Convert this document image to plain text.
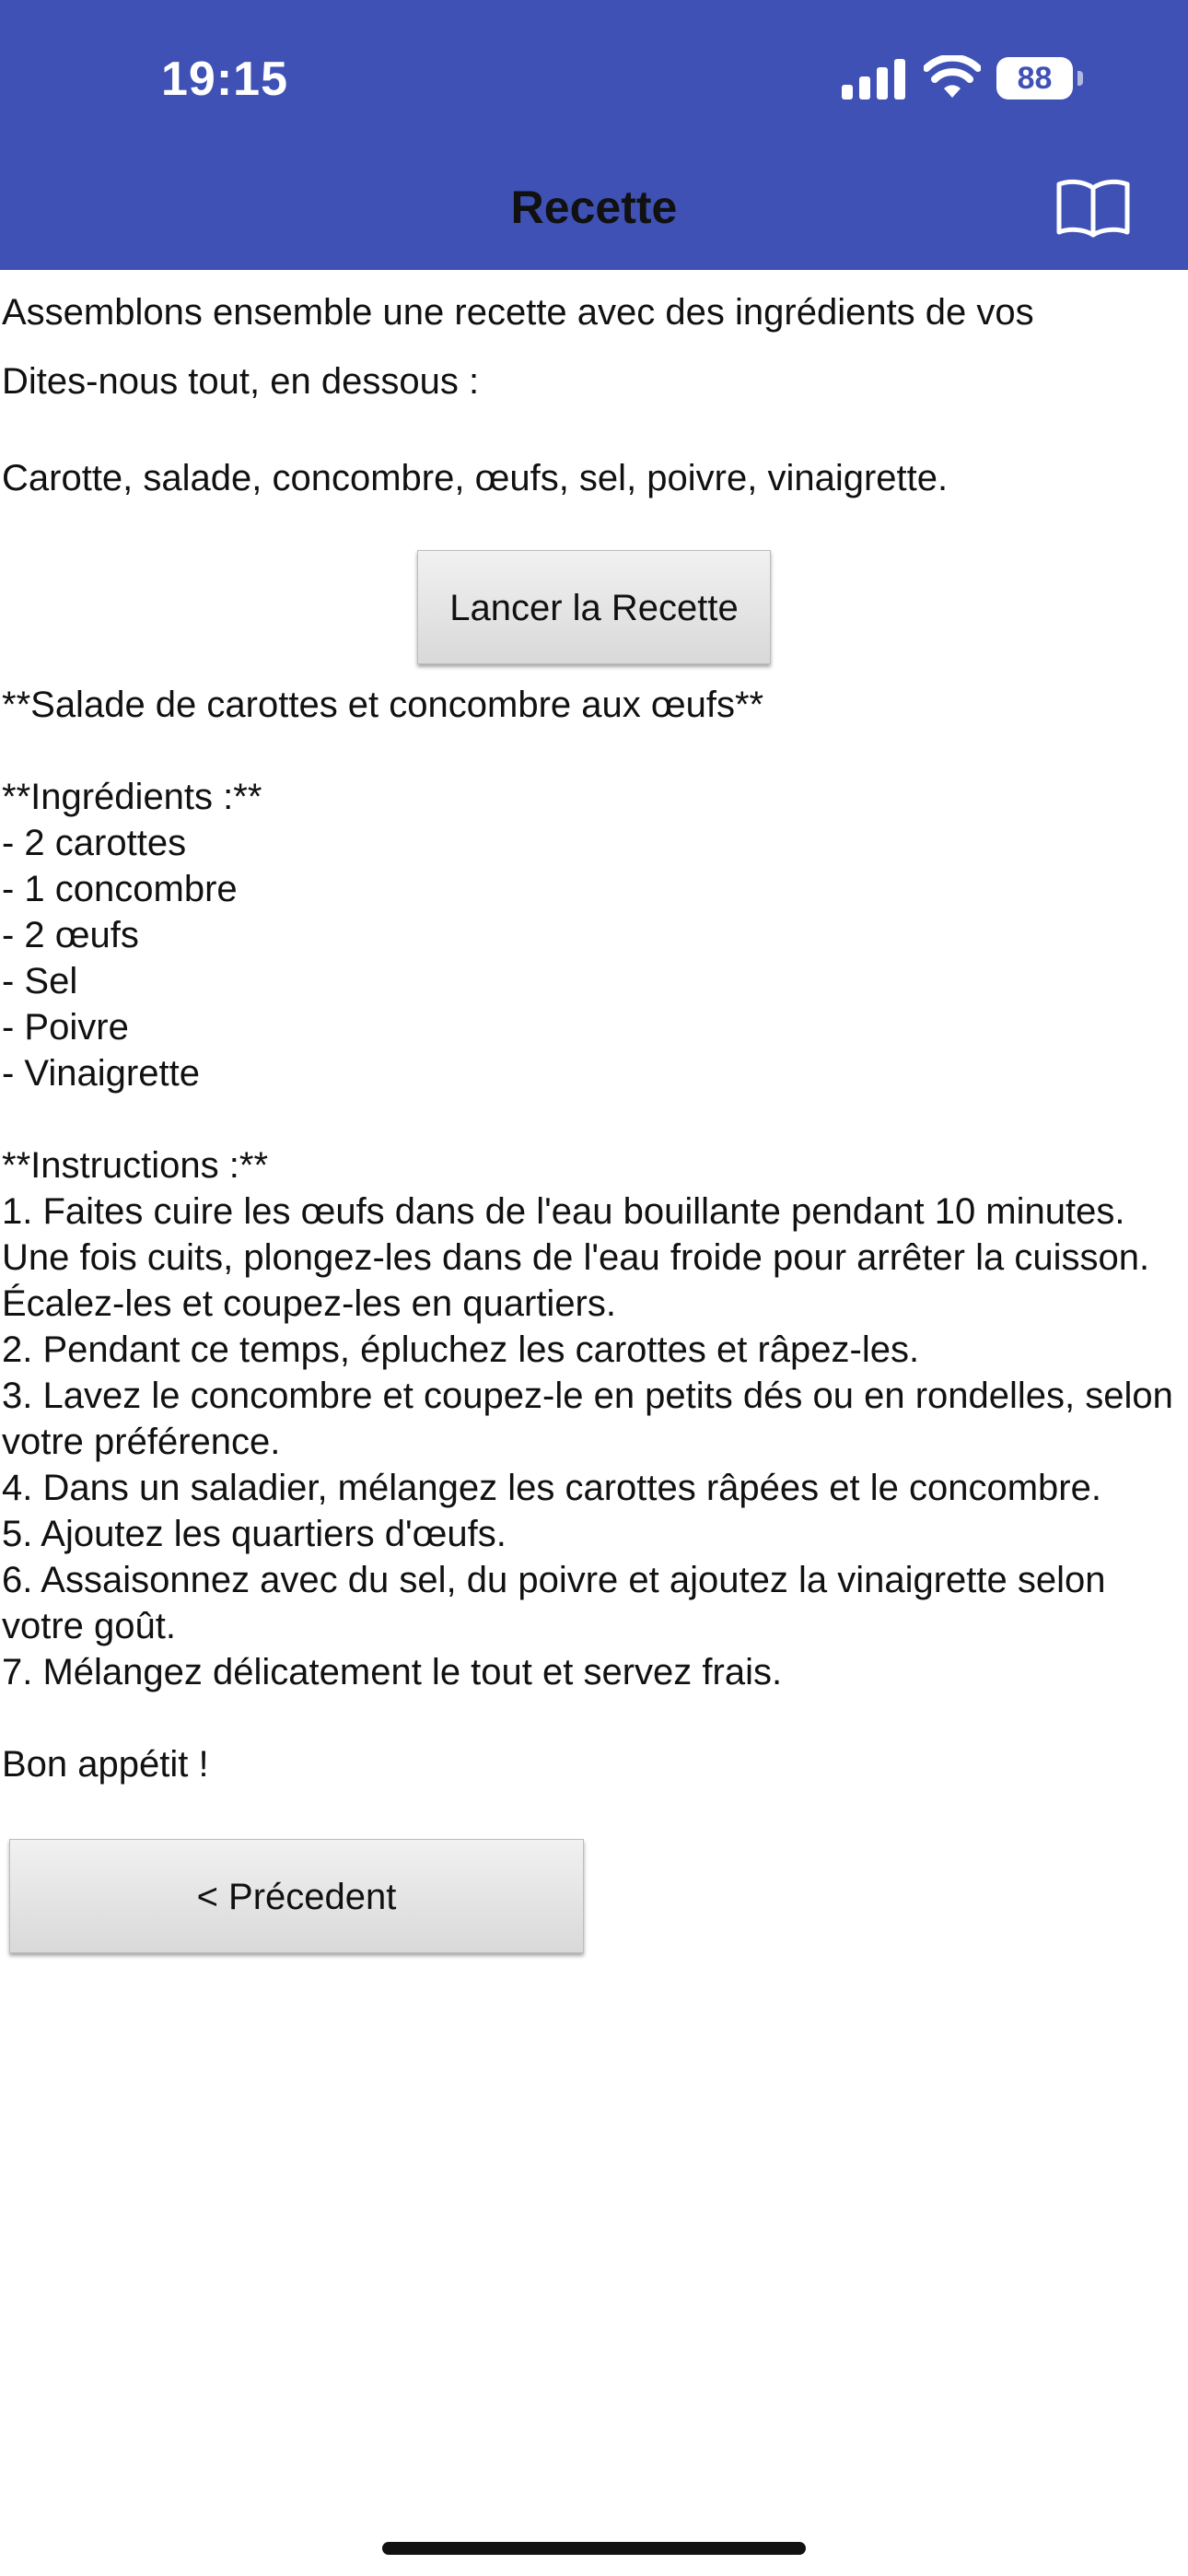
19:15	88
Recette
Assemblons ensemble une recette avec des ingrédients de vos
Dites-nous tout, en dessous :
Carotte, salade, concombre, œufs, sel, poivre, vinaigrette.
Lancer la Recette
**Salade de carottes et concombre aux œufs**

**Ingrédients :**
- 2 carottes
- 1 concombre
- 2 œufs
- Sel
- Poivre
- Vinaigrette

**Instructions :**
1. Faites cuire les œufs dans de l'eau bouillante pendant 10 minutes. Une fois cuits, plongez-les dans de l'eau froide pour arrêter la cuisson. Écalez-les et coupez-les en quartiers.
2. Pendant ce temps, épluchez les carottes et râpez-les.
3. Lavez le concombre et coupez-le en petits dés ou en rondelles, selon votre préférence.
4. Dans un saladier, mélangez les carottes râpées et le concombre.
5. Ajoutez les quartiers d'œufs.
6. Assaisonnez avec du sel, du poivre et ajoutez la vinaigrette selon votre goût.
7. Mélangez délicatement le tout et servez frais.

Bon appétit !
< Précedent
